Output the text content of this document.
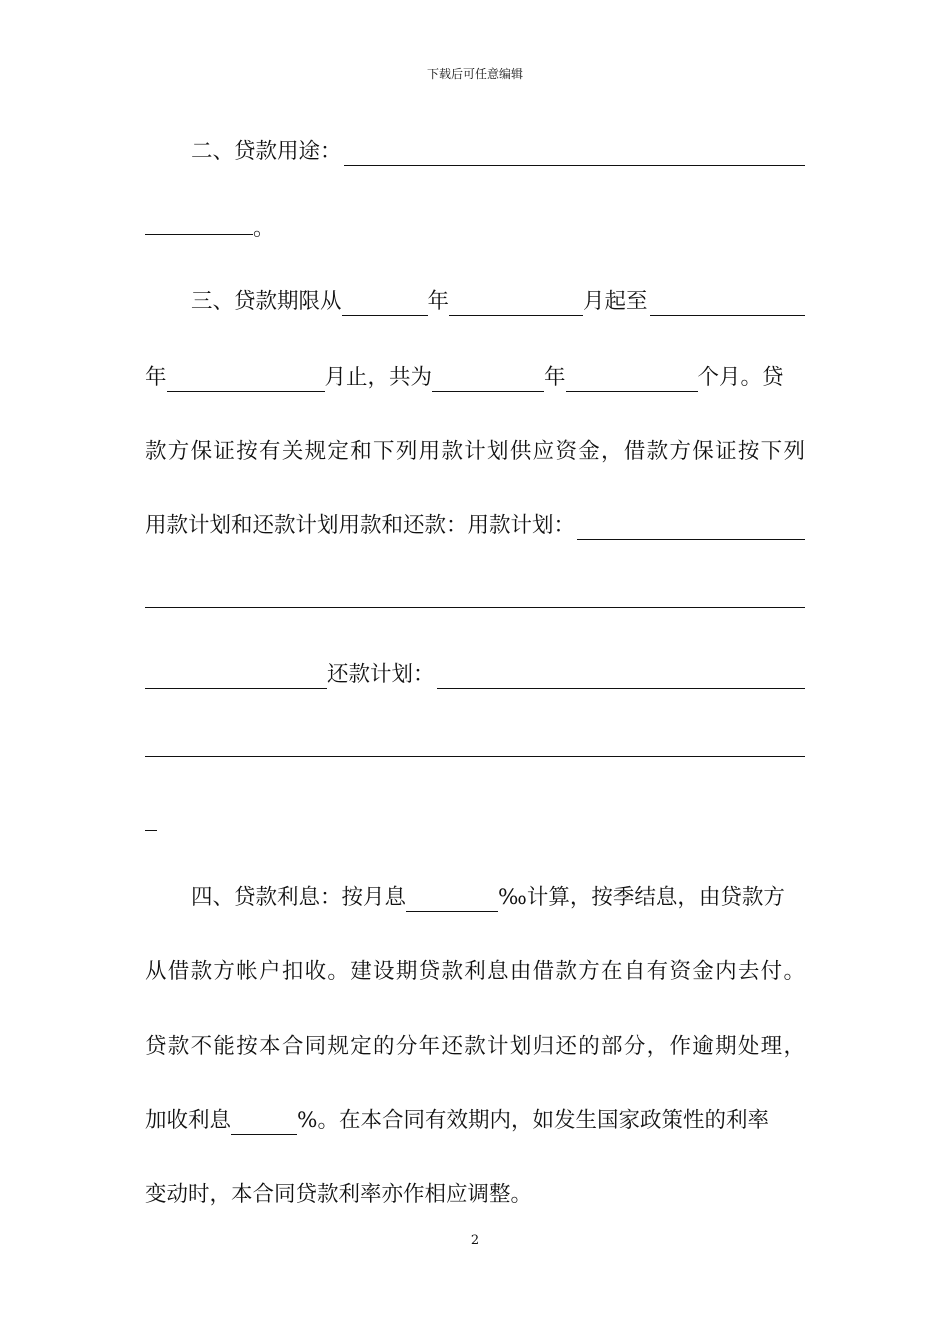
下载后可任意编辑
二、贷款用途：
。
三、贷款期限从	年	月起至
年	月止，共为	年	个月。贷
款方保证按有关规定和下列用款计划供应资金，借款方保证按下列
用款计划和还款计划用款和还款：用款计划：
还款计划：
四、贷款利息：按月息	‰计算，按季结息，由贷款方
从借款方帐户扣收。建设期贷款利息由借款方在自有资金内去付。
贷款不能按本合同规定的分年还款计划归还的部分，作逾期处理，
加收利息	%。在本合同有效期内，如发生国家政策性的利率
变动时，本合同贷款利率亦作相应调整。
2
